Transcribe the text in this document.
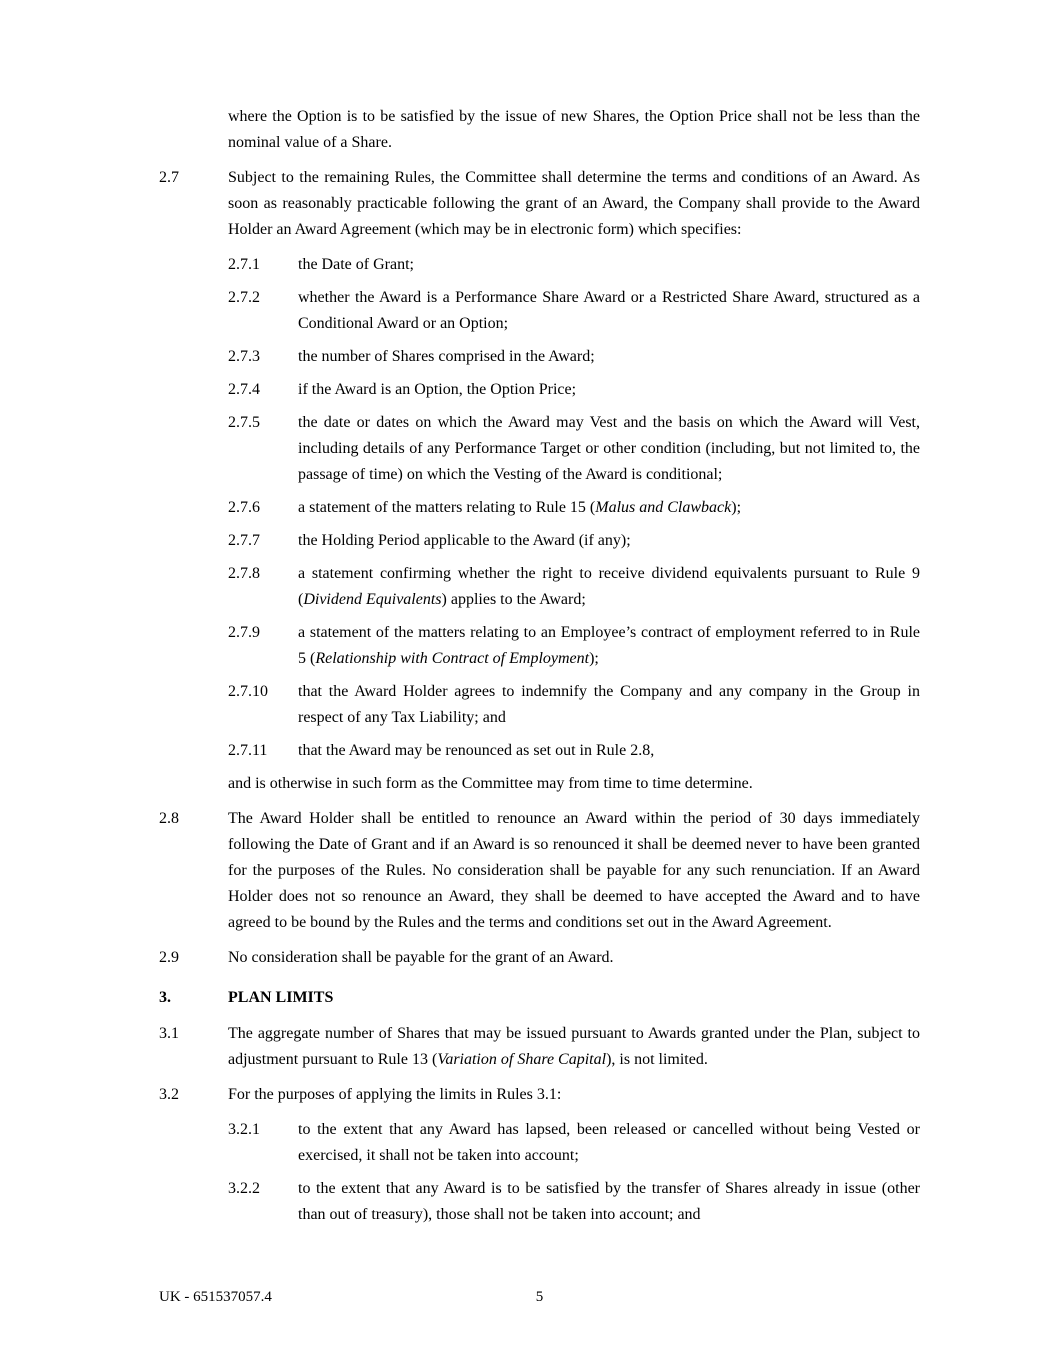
where the Option is to be satisfied by the issue of new Shares, the Option Price shall not be less than the nominal value of a Share.

2.7	Subject to the remaining Rules, the Committee shall determine the terms and conditions of an Award. As soon as reasonably practicable following the grant of an Award, the Company shall provide to the Award Holder an Award Agreement (which may be in electronic form) which specifies:

2.7.1	the Date of Grant;

2.7.2	whether the Award is a Performance Share Award or a Restricted Share Award, structured as a Conditional Award or an Option;

2.7.3	the number of Shares comprised in the Award;

2.7.4	if the Award is an Option, the Option Price;

2.7.5	the date or dates on which the Award may Vest and the basis on which the Award will Vest, including details of any Performance Target or other condition (including, but not limited to, the passage of time) on which the Vesting of the Award is conditional;

2.7.6	a statement of the matters relating to Rule 15 (Malus and Clawback);

2.7.7	the Holding Period applicable to the Award (if any);

2.7.8	a statement confirming whether the right to receive dividend equivalents pursuant to Rule 9 (Dividend Equivalents) applies to the Award;

2.7.9	a statement of the matters relating to an Employee’s contract of employment referred to in Rule 5 (Relationship with Contract of Employment);

2.7.10	that the Award Holder agrees to indemnify the Company and any company in the Group in respect of any Tax Liability; and

2.7.11	that the Award may be renounced as set out in Rule 2.8,

and is otherwise in such form as the Committee may from time to time determine.

2.8	The Award Holder shall be entitled to renounce an Award within the period of 30 days immediately following the Date of Grant and if an Award is so renounced it shall be deemed never to have been granted for the purposes of the Rules. No consideration shall be payable for any such renunciation. If an Award Holder does not so renounce an Award, they shall be deemed to have accepted the Award and to have agreed to be bound by the Rules and the terms and conditions set out in the Award Agreement.

2.9	No consideration shall be payable for the grant of an Award.

3.	PLAN LIMITS

3.1	The aggregate number of Shares that may be issued pursuant to Awards granted under the Plan, subject to adjustment pursuant to Rule 13 (Variation of Share Capital), is not limited.

3.2	For the purposes of applying the limits in Rules 3.1:

3.2.1	to the extent that any Award has lapsed, been released or cancelled without being Vested or exercised, it shall not be taken into account;

3.2.2	to the extent that any Award is to be satisfied by the transfer of Shares already in issue (other than out of treasury), those shall not be taken into account; and

UK - 651537057.4	5
